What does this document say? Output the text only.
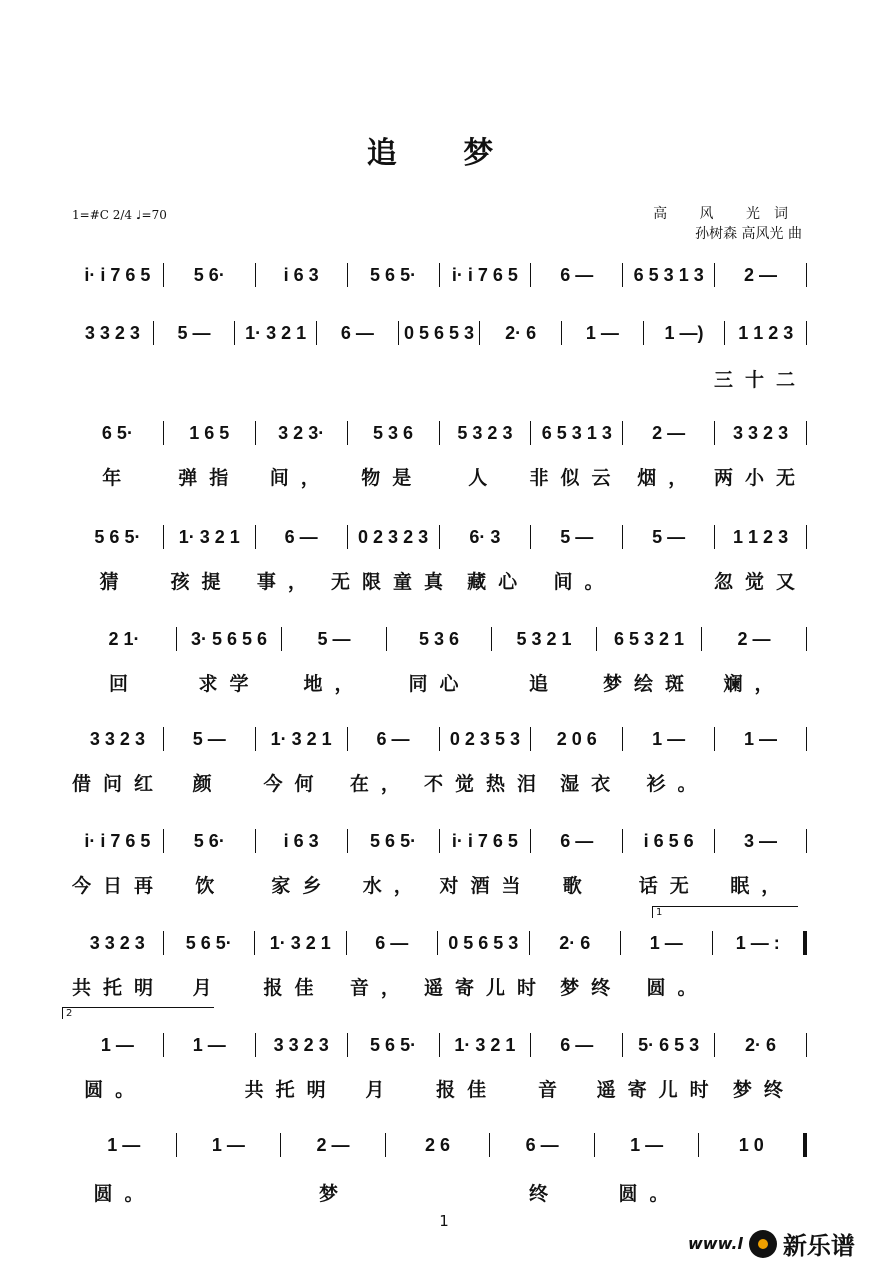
追 梦
1=#C 2/4 ♩=70	高 风 光词
孙树森 高风光 曲
i· i 7 6 5	5 6·	i 6 3	5 6 5·	i· i 7 6 5	6 —	6 5 3 1 3	2 —
3 3 2 3	5 —	1· 3 2 1	6 —	0 5 6 5 3	2· 6	1 —	1 —)	1 1 2 3
三十二
6 5·	1 6 5	3 2 3·	5 3 6	5 3 2 3	6 5 3 1 3	2 —	3 3 2 3
年	弹指	间，	物是	人	非似云 烟， 两小无
5 6 5·	1· 3 2 1	6 —	0 2 3 2 3	6· 3	5 —	5 —	1 1 2 3
猜	孩提	事， 无限童真 藏心	间。	忽觉又
2 1·	3· 5 6 5 6	5 —	5 3 6	5 3 2 1	6 5 3 2 1	2 —
回	求学	地，	同心	追	梦绘斑	斓，
3 3 2 3	5 —	1· 3 2 1	6 —	0 2 3 5 3	2 0 6	1 —	1 —
借问红	颜	今何	在， 不觉热泪 湿衣	衫。
i· i 7 6 5	5 6·	i 6 3	5 6 5·	i· i 7 6 5	6 —	i 6 5 6	3 —
今日再	饮	家乡	水， 对酒当	歌	话无	眠，
3 3 2 3	5 6 5·	1· 3 2 1	6 —	0 5 6 5 3	2· 6	1 —	1 — :
共托明	月	报佳	音， 遥寄儿时 梦终	圆。
1 —	1 —	3 3 2 3	5 6 5·	1· 3 2 1	6 —	5· 6 5 3	2· 6
圆。	共托明	月	报佳	音	遥寄儿时 梦终
1 —	1 —	2 —	2 6	6 —	1 —	1 0
圆。	梦	终	圆。
1
2
1
www.l 新乐谱
